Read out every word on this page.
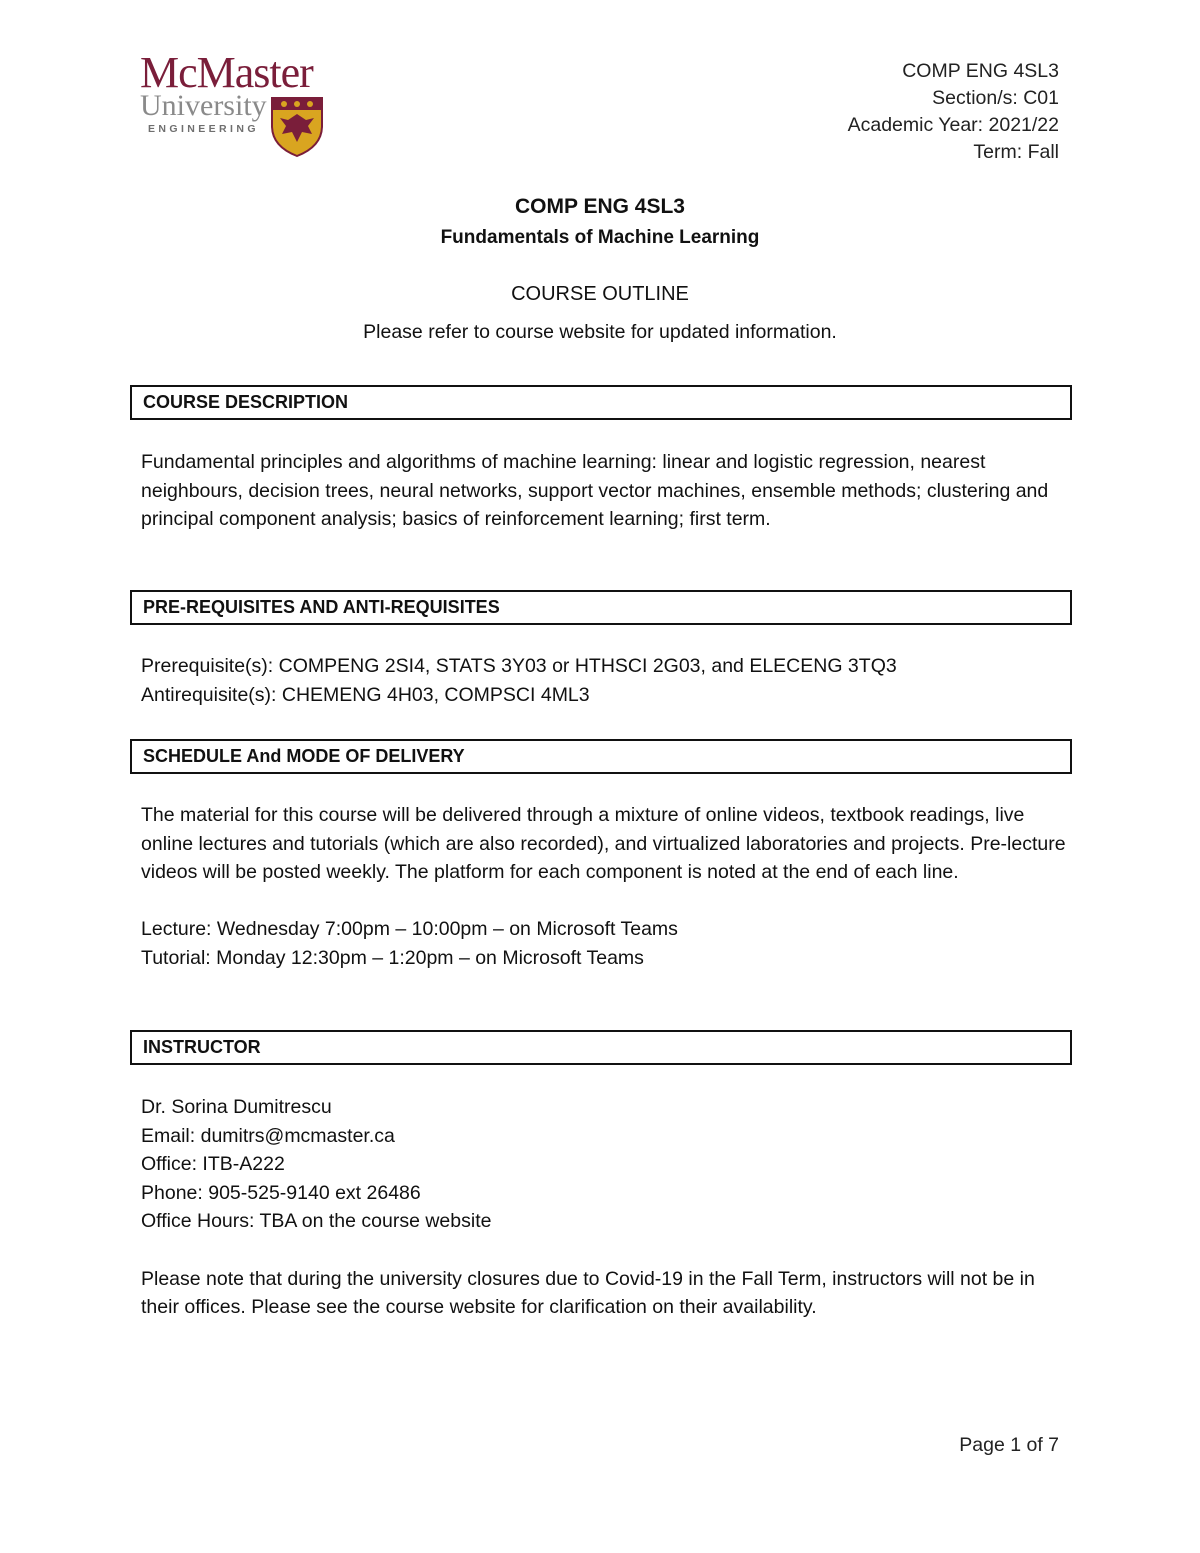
McMaster
University
ENGINEERING
COMP ENG 4SL3
Section/s: C01
Academic Year: 2021/22
Term: Fall
COMP ENG 4SL3
Fundamentals of Machine Learning
COURSE OUTLINE
Please refer to course website for updated information.
COURSE DESCRIPTION

Fundamental principles and algorithms of machine learning: linear and logistic regression, nearest neighbours, decision trees, neural networks, support vector machines, ensemble methods; clustering and principal component analysis; basics of reinforcement learning; first term.

PRE-REQUISITES AND ANTI-REQUISITES

Prerequisite(s): COMPENG 2SI4, STATS 3Y03 or HTHSCI 2G03, and ELECENG 3TQ3

Antirequisite(s): CHEMENG 4H03, COMPSCI 4ML3

SCHEDULE And MODE OF DELIVERY

The material for this course will be delivered through a mixture of online videos, textbook readings, live online lectures and tutorials (which are also recorded), and virtualized laboratories and projects. Pre-lecture videos will be posted weekly. The platform for each component is noted at the end of each line.

Lecture: Wednesday 7:00pm – 10:00pm – on Microsoft Teams

Tutorial: Monday 12:30pm – 1:20pm – on Microsoft Teams

INSTRUCTOR

Dr. Sorina Dumitrescu

Email: dumitrs@mcmaster.ca

Office: ITB-A222

Phone: 905-525-9140 ext 26486

Office Hours: TBA on the course website

Please note that during the university closures due to Covid-19 in the Fall Term, instructors will not be in their offices. Please see the course website for clarification on their availability.

Page 1 of 7
